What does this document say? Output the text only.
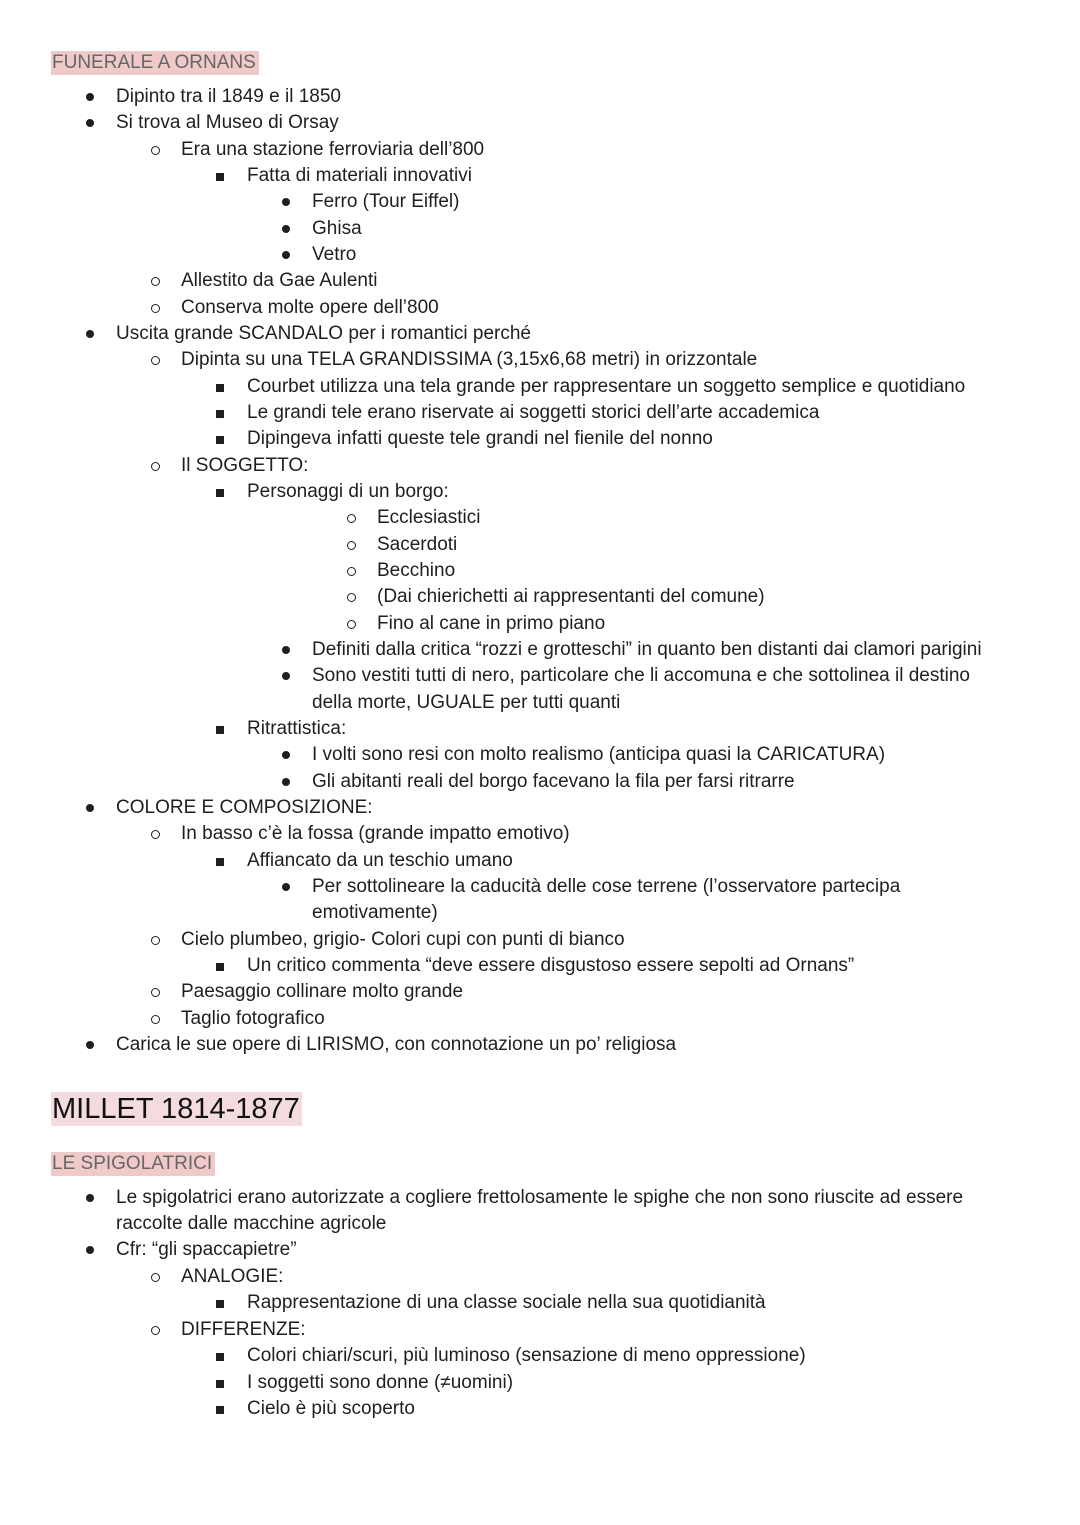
FUNERALE A ORNANS
Dipinto tra il 1849 e il 1850
Si trova al Museo di Orsay
Era una stazione ferroviaria dell’800
Fatta di materiali innovativi
Ferro (Tour Eiffel)
Ghisa
Vetro
Allestito da Gae Aulenti
Conserva molte opere dell’800
Uscita grande SCANDALO per i romantici perché
Dipinta su una TELA GRANDISSIMA (3,15x6,68 metri) in orizzontale
Courbet utilizza una tela grande per rappresentare un soggetto semplice e quotidiano
Le grandi tele erano riservate ai soggetti storici dell’arte accademica
Dipingeva infatti queste tele grandi nel fienile del nonno
Il SOGGETTO:
Personaggi di un borgo:
Ecclesiastici
Sacerdoti
Becchino
(Dai chierichetti ai rappresentanti del comune)
Fino al cane in primo piano
Definiti dalla critica “rozzi e grotteschi” in quanto ben distanti dai clamori parigini
Sono vestiti tutti di nero, particolare che li accomuna e che sottolinea il destino
della morte, UGUALE per tutti quanti
Ritrattistica:
I volti sono resi con molto realismo (anticipa quasi la CARICATURA)
Gli abitanti reali del borgo facevano la fila per farsi ritrarre
COLORE E COMPOSIZIONE:
In basso c’è la fossa (grande impatto emotivo)
Affiancato da un teschio umano
Per sottolineare la caducità delle cose terrene (l’osservatore partecipa
emotivamente)
Cielo plumbeo, grigio- Colori cupi con punti di bianco
Un critico commenta “deve essere disgustoso essere sepolti ad Ornans”
Paesaggio collinare molto grande
Taglio fotografico
Carica le sue opere di LIRISMO, con connotazione un po’ religiosa
MILLET 1814-1877
LE SPIGOLATRICI
Le spigolatrici erano autorizzate a cogliere frettolosamente le spighe che non sono riuscite ad essere
raccolte dalle macchine agricole
Cfr: “gli spaccapietre”
ANALOGIE:
Rappresentazione di una classe sociale nella sua quotidianità
DIFFERENZE:
Colori chiari/scuri, più luminoso (sensazione di meno oppressione)
I soggetti sono donne (≠uomini)
Cielo è più scoperto
